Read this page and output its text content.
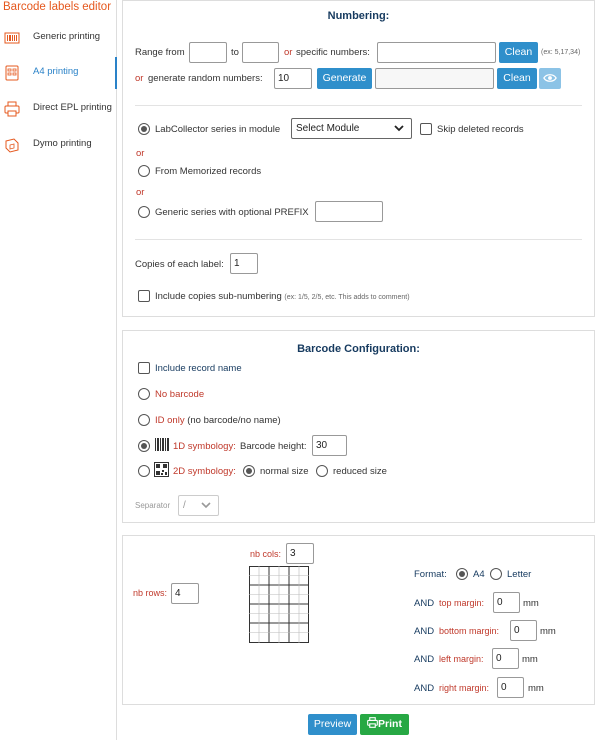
Barcode labels editor
Generic printing
A4 printing
Direct EPL printing
Dymo printing
Numbering:
Range from	to	or specific numbers:	Clean	(ex: 5,17,34)
or generate random numbers:	10	Generate	Clean
LabCollector series in module	Select Module	Skip deleted records
or
From Memorized records
or
Generic series with optional PREFIX
Copies of each label:	1
Include copies sub-numbering (ex: 1/5, 2/5, etc. This adds to comment)
Barcode Configuration:
Include record name
No barcode
ID only (no barcode/no name)
1D symbology: Barcode height: 30
2D symbology:	normal size	reduced size
Separator	/
nb cols: 3
nb rows: 4
Format:	A4 Letter
AND top margin:	0	mm
AND bottom margin:	0	mm
AND left margin:	0	mm
AND right margin:	0	mm
Preview	Print
